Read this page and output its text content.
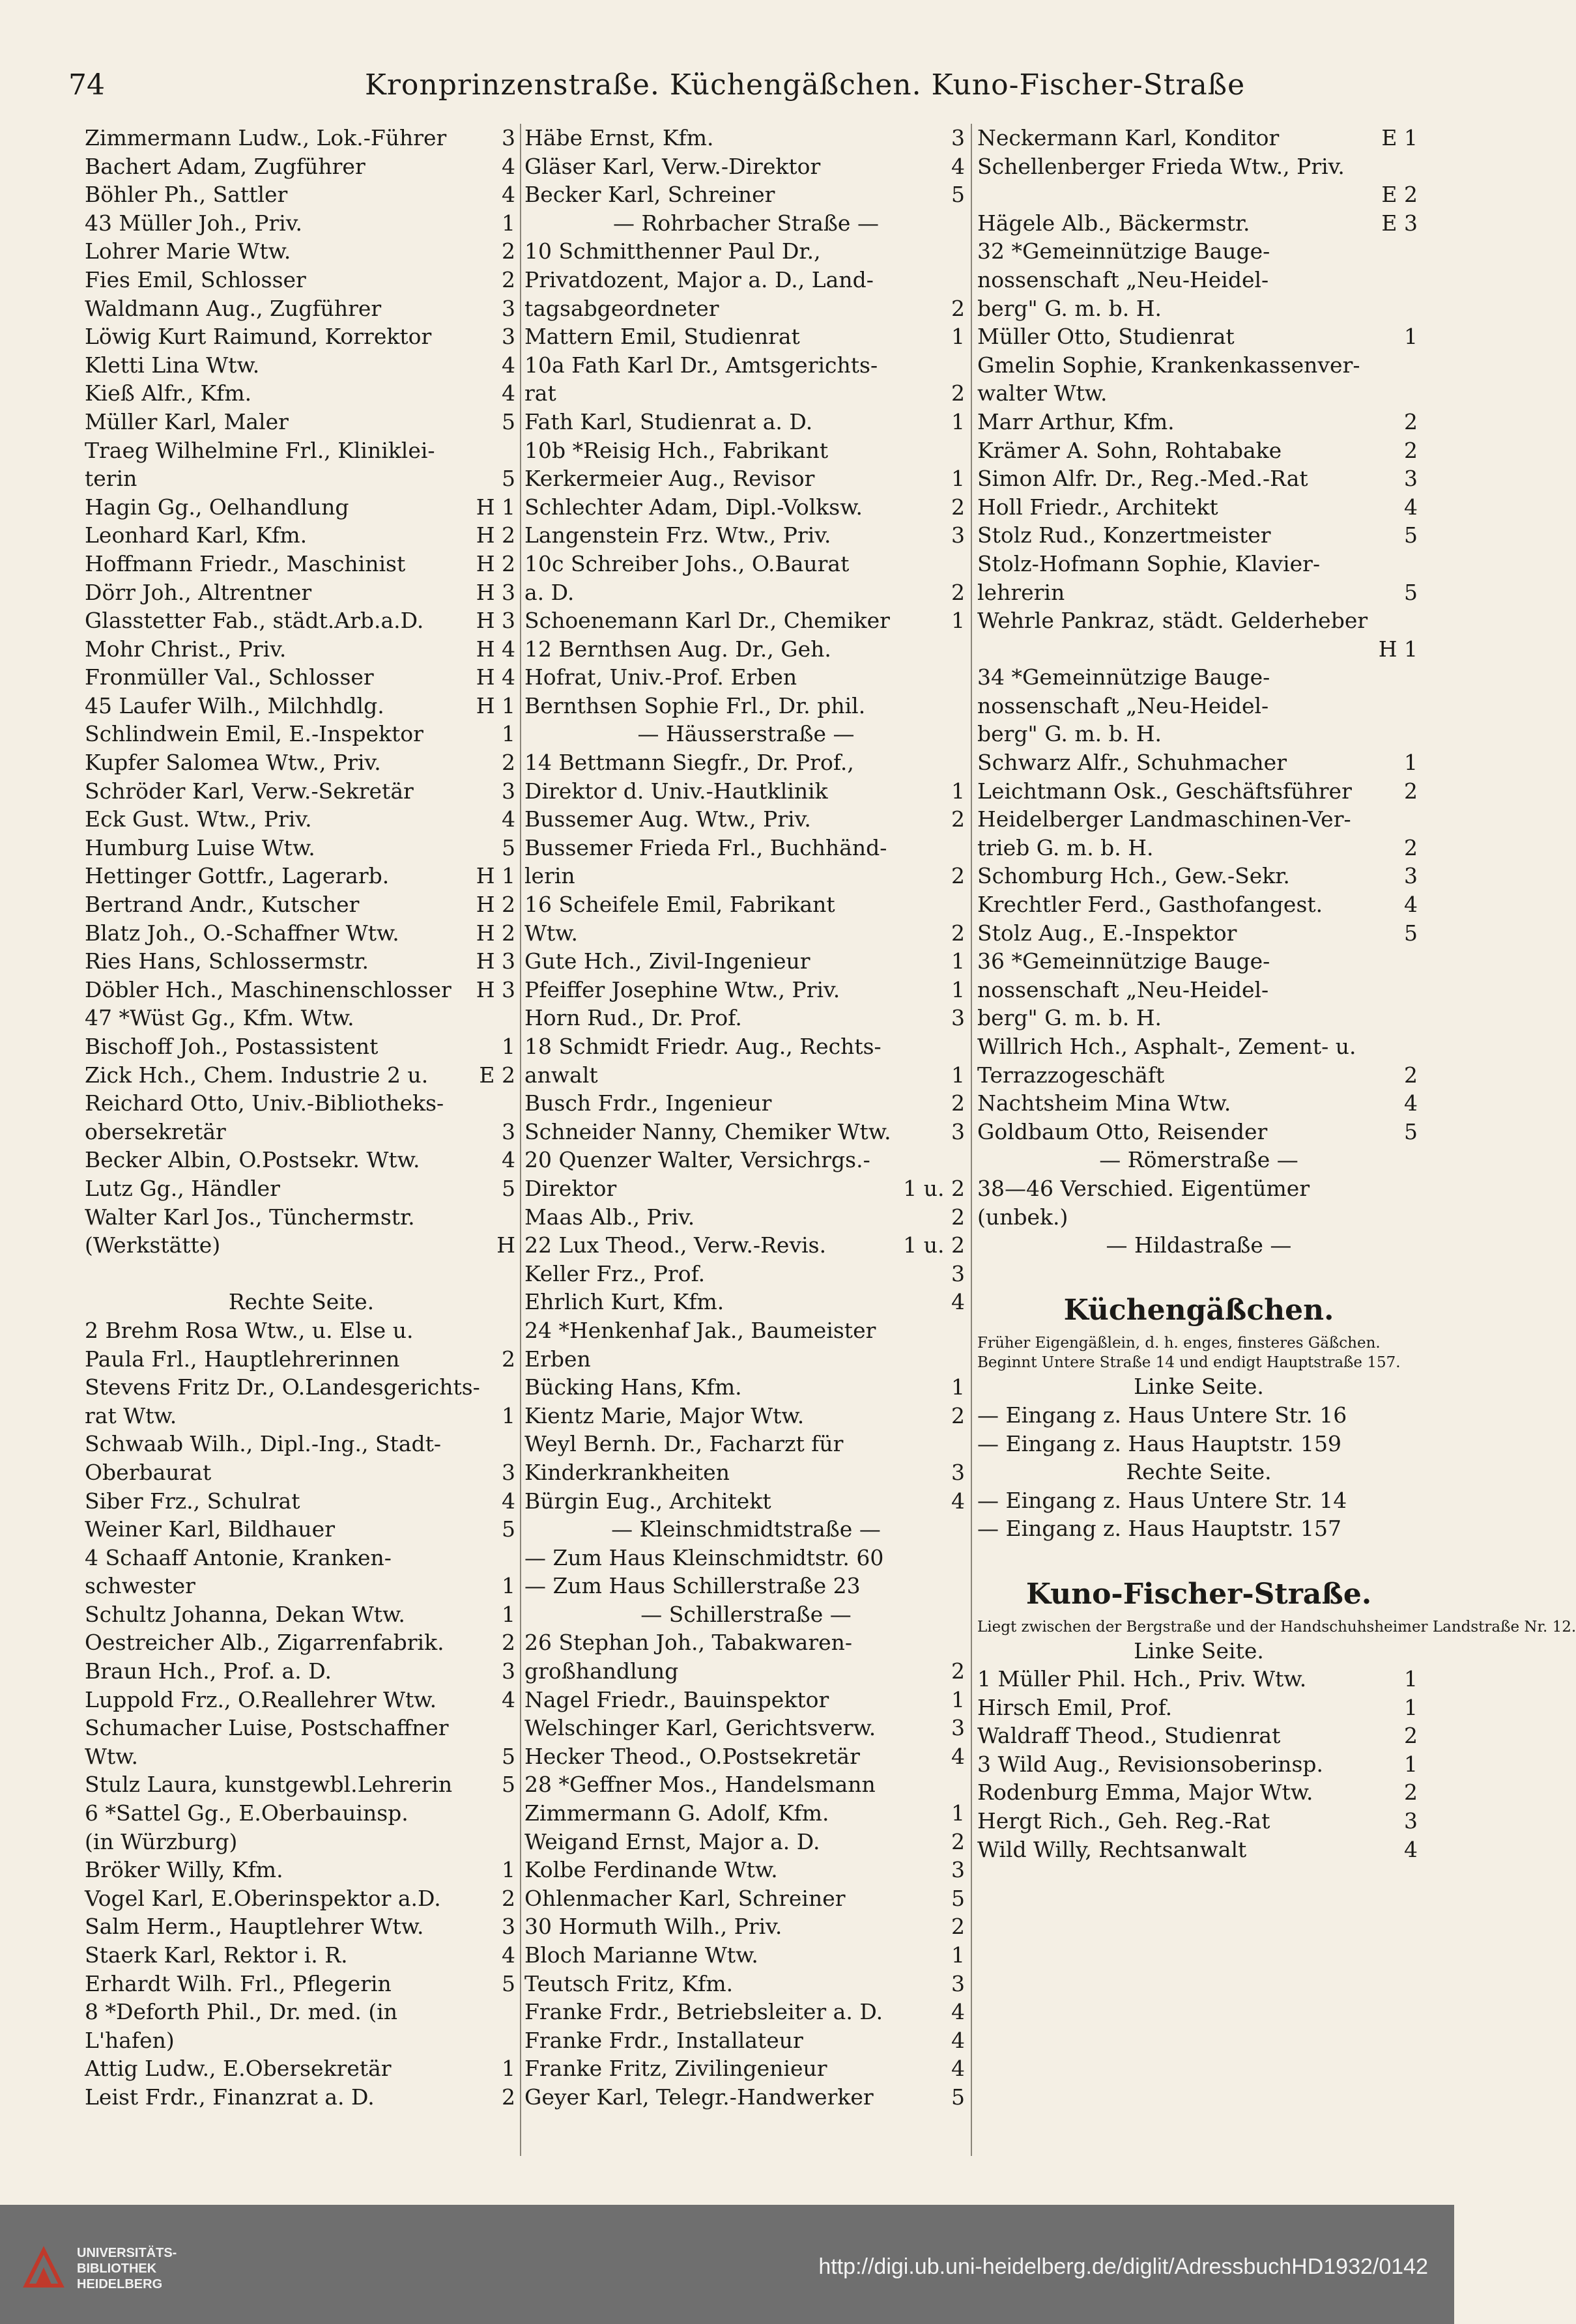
74	Kronprinzenstraße. Küchengäßchen. Kuno-Fischer-Straße
Zimmermann Ludw., Lok.-Führer	3
Bachert Adam, Zugführer	4
Böhler Ph., Sattler	4
43 Müller Joh., Priv.	1
Lohrer Marie Wtw.	2
Fies Emil, Schlosser	2
Waldmann Aug., Zugführer	3
Löwig Kurt Raimund, Korrektor	3
Kletti Lina Wtw.	4
Kieß Alfr., Kfm.	4
Müller Karl, Maler	5
Traeg Wilhelmine Frl., Kliniklei-
terin	5
Hagin Gg., Oelhandlung	H 1
Leonhard Karl, Kfm.	H 2
Hoffmann Friedr., Maschinist	H 2
Dörr Joh., Altrentner	H 3
Glasstetter Fab., städt.Arb.a.D. H 3
Mohr Christ., Priv.	H 4
Fronmüller Val., Schlosser	H 4
45 Laufer Wilh., Milchhdlg.	H 1
Schlindwein Emil, E.-Inspektor	1
Kupfer Salomea Wtw., Priv.	2
Schröder Karl, Verw.-Sekretär	3
Eck Gust. Wtw., Priv.	4
Humburg Luise Wtw.	5
Hettinger Gottfr., Lagerarb.	H 1
Bertrand Andr., Kutscher	H 2
Blatz Joh., O.-Schaffner Wtw.	H 2
Ries Hans, Schlossermstr.	H 3
Döbler Hch., Maschinenschlosser H 3
47 *Wüst Gg., Kfm. Wtw.
Bischoff Joh., Postassistent	1
Zick Hch., Chem. Industrie 2 u. E 2
Reichard Otto, Univ.-Bibliotheks-
obersekretär	3
Becker Albin, O.Postsekr. Wtw.	4
Lutz Gg., Händler	5
Walter Karl Jos., Tünchermstr.
(Werkstätte)	H
Rechte Seite.
2 Brehm Rosa Wtw., u. Else u.
Paula Frl., Hauptlehrerinnen	2
Stevens Fritz Dr., O.Landesgerichts-
rat Wtw.	1
Schwaab Wilh., Dipl.-Ing., Stadt-
Oberbaurat	3
Siber Frz., Schulrat	4
Weiner Karl, Bildhauer	5
4 Schaaff Antonie, Kranken-
schwester	1
Schultz Johanna, Dekan Wtw.	1
Oestreicher Alb., Zigarrenfabrik.	2
Braun Hch., Prof. a. D.	3
Luppold Frz., O.Reallehrer Wtw.	4
Schumacher Luise, Postschaffner
Wtw.	5
Stulz Laura, kunstgewbl.Lehrerin 5
6 *Sattel Gg., E.Oberbauinsp.
(in Würzburg)
Bröker Willy, Kfm.	1
Vogel Karl, E.Oberinspektor a.D.	2
Salm Herm., Hauptlehrer Wtw.	3
Staerk Karl, Rektor i. R.	4
Erhardt Wilh. Frl., Pflegerin	5
8 *Deforth Phil., Dr. med. (in
L'hafen)
Attig Ludw., E.Obersekretär	1
Leist Frdr., Finanzrat a. D.	2
Häbe Ernst, Kfm.	3
Gläser Karl, Verw.-Direktor	4
Becker Karl, Schreiner	5
— Rohrbacher Straße —
10 Schmitthenner Paul Dr.,
Privatdozent, Major a. D., Land-
tagsabgeordneter	2
Mattern Emil, Studienrat	1
10a Fath Karl Dr., Amtsgerichts-
rat	2
Fath Karl, Studienrat a. D.	1
10b *Reisig Hch., Fabrikant
Kerkermeier Aug., Revisor	1
Schlechter Adam, Dipl.-Volksw.	2
Langenstein Frz. Wtw., Priv.	3
10c Schreiber Johs., O.Baurat
a. D.	2
Schoenemann Karl Dr., Chemiker	1
12 Bernthsen Aug. Dr., Geh.
Hofrat, Univ.-Prof. Erben
Bernthsen Sophie Frl., Dr. phil.
— Häusserstraße —
14 Bettmann Siegfr., Dr. Prof.,
Direktor d. Univ.-Hautklinik	1
Bussemer Aug. Wtw., Priv.	2
Bussemer Frieda Frl., Buchhänd-
lerin	2
16 Scheifele Emil, Fabrikant
Wtw.	2
Gute Hch., Zivil-Ingenieur	1
Pfeiffer Josephine Wtw., Priv.	1
Horn Rud., Dr. Prof.	3
18 Schmidt Friedr. Aug., Rechts-
anwalt	1
Busch Frdr., Ingenieur	2
Schneider Nanny, Chemiker Wtw.	3
20 Quenzer Walter, Versichrgs.-
Direktor	1 u. 2
Maas Alb., Priv.	2
22 Lux Theod., Verw.-Revis.	1 u. 2
Keller Frz., Prof.	3
Ehrlich Kurt, Kfm.	4
24 *Henkenhaf Jak., Baumeister
Erben
Bücking Hans, Kfm.	1
Kientz Marie, Major Wtw.	2
Weyl Bernh. Dr., Facharzt für
Kinderkrankheiten	3
Bürgin Eug., Architekt	4
— Kleinschmidtstraße —
— Zum Haus Kleinschmidtstr. 60
— Zum Haus Schillerstraße 23
— Schillerstraße —
26 Stephan Joh., Tabakwaren-
großhandlung	2
Nagel Friedr., Bauinspektor	1
Welschinger Karl, Gerichtsverw.	3
Hecker Theod., O.Postsekretär	4
28 *Geffner Mos., Handelsmann
Zimmermann G. Adolf, Kfm.	1
Weigand Ernst, Major a. D.	2
Kolbe Ferdinande Wtw.	3
Ohlenmacher Karl, Schreiner	5
30 Hormuth Wilh., Priv.	2
Bloch Marianne Wtw.	1
Teutsch Fritz, Kfm.	3
Franke Frdr., Betriebsleiter a. D.	4
Franke Frdr., Installateur	4
Franke Fritz, Zivilingenieur	4
Geyer Karl, Telegr.-Handwerker	5
Neckermann Karl, Konditor	E 1
Schellenberger Frieda Wtw., Priv.
E 2
Hägele Alb., Bäckermstr.	E 3
32 *Gemeinnützige Bauge-
nossenschaft „Neu-Heidel-
berg" G. m. b. H.
Müller Otto, Studienrat	1
Gmelin Sophie, Krankenkassenver-
walter Wtw.
Marr Arthur, Kfm.	2
Krämer A. Sohn, Rohtabake	2
Simon Alfr. Dr., Reg.-Med.-Rat	3
Holl Friedr., Architekt	4
Stolz Rud., Konzertmeister	5
Stolz-Hofmann Sophie, Klavier-
lehrerin	5
Wehrle Pankraz, städt. Gelderheber
H 1
34 *Gemeinnützige Bauge-
nossenschaft „Neu-Heidel-
berg" G. m. b. H.
Schwarz Alfr., Schuhmacher	1
Leichtmann Osk., Geschäftsführer 2
Heidelberger Landmaschinen-Ver-
trieb G. m. b. H.	2
Schomburg Hch., Gew.-Sekr.	3
Krechtler Ferd., Gasthofangest.	4
Stolz Aug., E.-Inspektor	5
36 *Gemeinnützige Bauge-
nossenschaft „Neu-Heidel-
berg" G. m. b. H.
Willrich Hch., Asphalt-, Zement- u.
Terrazzogeschäft	2
Nachtsheim Mina Wtw.	4
Goldbaum Otto, Reisender	5
— Römerstraße —
38—46 Verschied. Eigentümer
(unbek.)
— Hildastraße —
Küchengäßchen.
Früher Eigengäßlein, d. h. enges, finsteres Gäßchen.
Beginnt Untere Straße 14 und endigt Hauptstraße 157.
Linke Seite.
— Eingang z. Haus Untere Str. 16
— Eingang z. Haus Hauptstr. 159
Rechte Seite.
— Eingang z. Haus Untere Str. 14
— Eingang z. Haus Hauptstr. 157
Kuno-Fischer-Straße.
Liegt zwischen der Bergstraße und der Handschuhsheimer Landstraße Nr. 12.
Linke Seite.
1 Müller Phil. Hch., Priv. Wtw.	1
Hirsch Emil, Prof.	1
Waldraff Theod., Studienrat	2
3 Wild Aug., Revisionsoberinsp.	1
Rodenburg Emma, Major Wtw.	2
Hergt Rich., Geh. Reg.-Rat	3
Wild Willy, Rechtsanwalt	4
UNIVERSITÄTS-
BIBLIOTHEK
HEIDELBERG
http://digi.ub.uni-heidelberg.de/diglit/AdressbuchHD1932/0142
